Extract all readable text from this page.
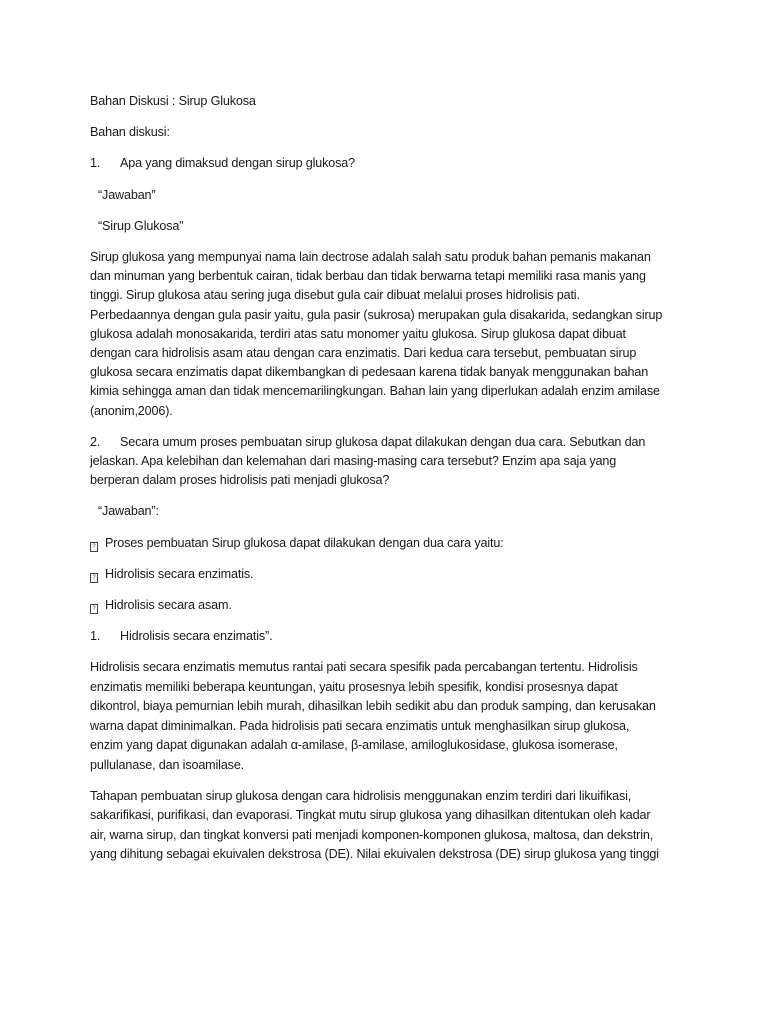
Bahan Diskusi : Sirup Glukosa

Bahan diskusi:

1.	Apa yang dimaksud dengan sirup glukosa?

“Jawaban”

“Sirup Glukosa”

Sirup glukosa yang mempunyai nama lain dectrose adalah salah satu produk bahan pemanis makanan
dan minuman yang berbentuk cairan, tidak berbau dan tidak berwarna tetapi memiliki rasa manis yang
tinggi. Sirup glukosa atau sering juga disebut gula cair dibuat melalui proses hidrolisis pati.
Perbedaannya dengan gula pasir yaitu, gula pasir (sukrosa) merupakan gula disakarida, sedangkan sirup
glukosa adalah monosakarida, terdiri atas satu monomer yaitu glukosa. Sirup glukosa dapat dibuat
dengan cara hidrolisis asam atau dengan cara enzimatis. Dari kedua cara tersebut, pembuatan sirup
glukosa secara enzimatis dapat dikembangkan di pedesaan karena tidak banyak menggunakan bahan
kimia sehingga aman dan tidak mencemarilingkungan. Bahan lain yang diperlukan adalah enzim amilase
(anonim,2006).
2.	Secara umum proses pembuatan sirup glukosa dapat dilakukan dengan dua cara. Sebutkan dan
jelaskan. Apa kelebihan dan kelemahan dari masing-masing cara tersebut? Enzim apa saja yang
berperan dalam proses hidrolisis pati menjadi glukosa?

“Jawaban”:

? Proses pembuatan Sirup glukosa dapat dilakukan dengan dua cara yaitu:
? Hidrolisis secara enzimatis.
? Hidrolisis secara asam.
1.	Hidrolisis secara enzimatis”.
Hidrolisis secara enzimatis memutus rantai pati secara spesifik pada percabangan tertentu. Hidrolisis
enzimatis memiliki beberapa keuntungan, yaitu prosesnya lebih spesifik, kondisi prosesnya dapat
dikontrol, biaya pemurnian lebih murah, dihasilkan lebih sedikit abu dan produk samping, dan kerusakan
warna dapat diminimalkan. Pada hidrolisis pati secara enzimatis untuk menghasilkan sirup glukosa,
enzim yang dapat digunakan adalah α-amilase, β-amilase, amiloglukosidase, glukosa isomerase,
pullulanase, dan isoamilase.
Tahapan pembuatan sirup glukosa dengan cara hidrolisis menggunakan enzim terdiri dari likuifikasi,
sakarifikasi, purifikasi, dan evaporasi. Tingkat mutu sirup glukosa yang dihasilkan ditentukan oleh kadar
air, warna sirup, dan tingkat konversi pati menjadi komponen-komponen glukosa, maltosa, dan dekstrin,
yang dihitung sebagai ekuivalen dekstrosa (DE). Nilai ekuivalen dekstrosa (DE) sirup glukosa yang tinggi
